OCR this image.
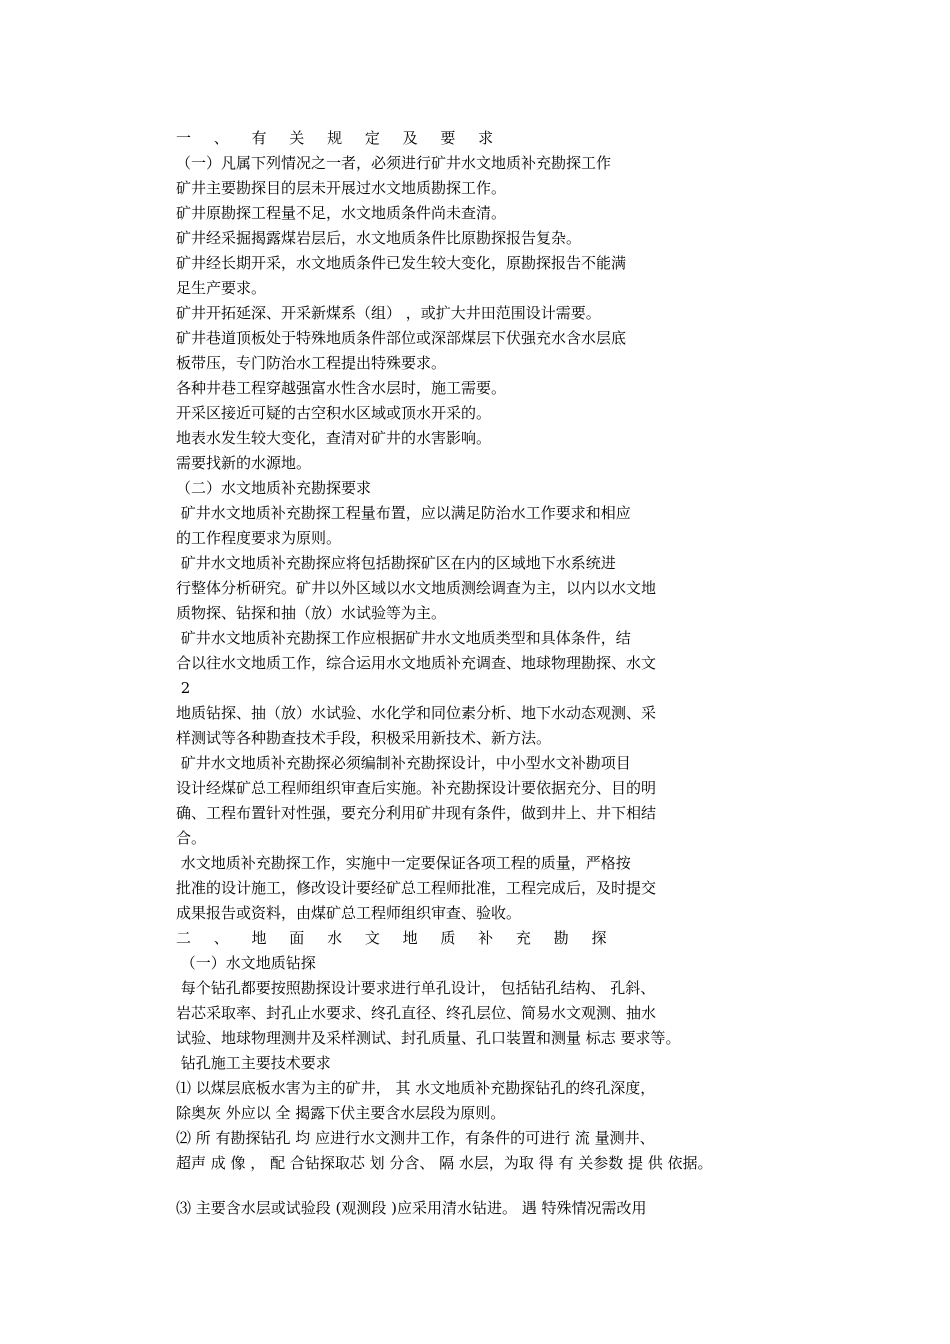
一 、 有 关 规 定 及 要 求
（一）凡属下列情况之一者，必须进行矿井水文地质补充勘探工作
矿井主要勘探目的层未开展过水文地质勘探工作。
矿井原勘探工程量不足，水文地质条件尚未查清。
矿井经采掘揭露煤岩层后，水文地质条件比原勘探报告复杂。
矿井经长期开采，水文地质条件已发生较大变化，原勘探报告不能满
足生产要求。
矿井开拓延深、开采新煤系（组） ，或扩大井田范围设计需要。
矿井巷道顶板处于特殊地质条件部位或深部煤层下伏强充水含水层底
板带压，专门防治水工程提出特殊要求。
各种井巷工程穿越强富水性含水层时，施工需要。
开采区接近可疑的古空积水区域或顶水开采的。
地表水发生较大变化，查清对矿井的水害影响。
需要找新的水源地。
（二）水文地质补充勘探要求
矿井水文地质补充勘探工程量布置，应以满足防治水工作要求和相应
的工作程度要求为原则。
矿井水文地质补充勘探应将包括勘探矿区在内的区域地下水系统进
行整体分析研究。矿井以外区域以水文地质测绘调查为主，以内以水文地
质物探、钻探和抽（放）水试验等为主。
矿井水文地质补充勘探工作应根据矿井水文地质类型和具体条件，结
合以往水文地质工作，综合运用水文地质补充调查、地球物理勘探、水文
2
地质钻探、抽（放）水试验、水化学和同位素分析、地下水动态观测、采
样测试等各种勘查技术手段，积极采用新技术、新方法。
矿井水文地质补充勘探必须编制补充勘探设计，中小型水文补勘项目
设计经煤矿总工程师组织审查后实施。补充勘探设计要依据充分、目的明
确、工程布置针对性强，要充分利用矿井现有条件，做到井上、井下相结
合。
水文地质补充勘探工作，实施中一定要保证各项工程的质量，严格按
批准的设计施工，修改设计要经矿总工程师批准，工程完成后，及时提交
成果报告或资料，由煤矿总工程师组织审查、验收。
二 、 地 面 水 文 地 质 补 充 勘 探
（一）水文地质钻探
每个钻孔都要按照勘探设计要求进行单孔设计， 包括钻孔结构、 孔斜、
岩芯采取率、封孔止水要求、终孔直径、终孔层位、简易水文观测、抽水
试验、地球物理测井及采样测试、封孔质量、孔口装置和测量 标志 要求等。
钻孔施工主要技术要求
⑴ 以煤层底板水害为主的矿井， 其 水文地质补充勘探钻孔的终孔深度，
除奥灰 外应以 全 揭露下伏主要含水层段为原则。
⑵ 所 有勘探钻孔 均 应进行水文测井工作，有条件的可进行 流 量测井、
超声 成 像 ， 配 合钻探取芯 划 分含、 隔 水层，为取 得 有 关参数 提 供 依据。
⑶ 主要含水层或试验段 (观测段 )应采用清水钻进。 遇 特殊情况需改用
